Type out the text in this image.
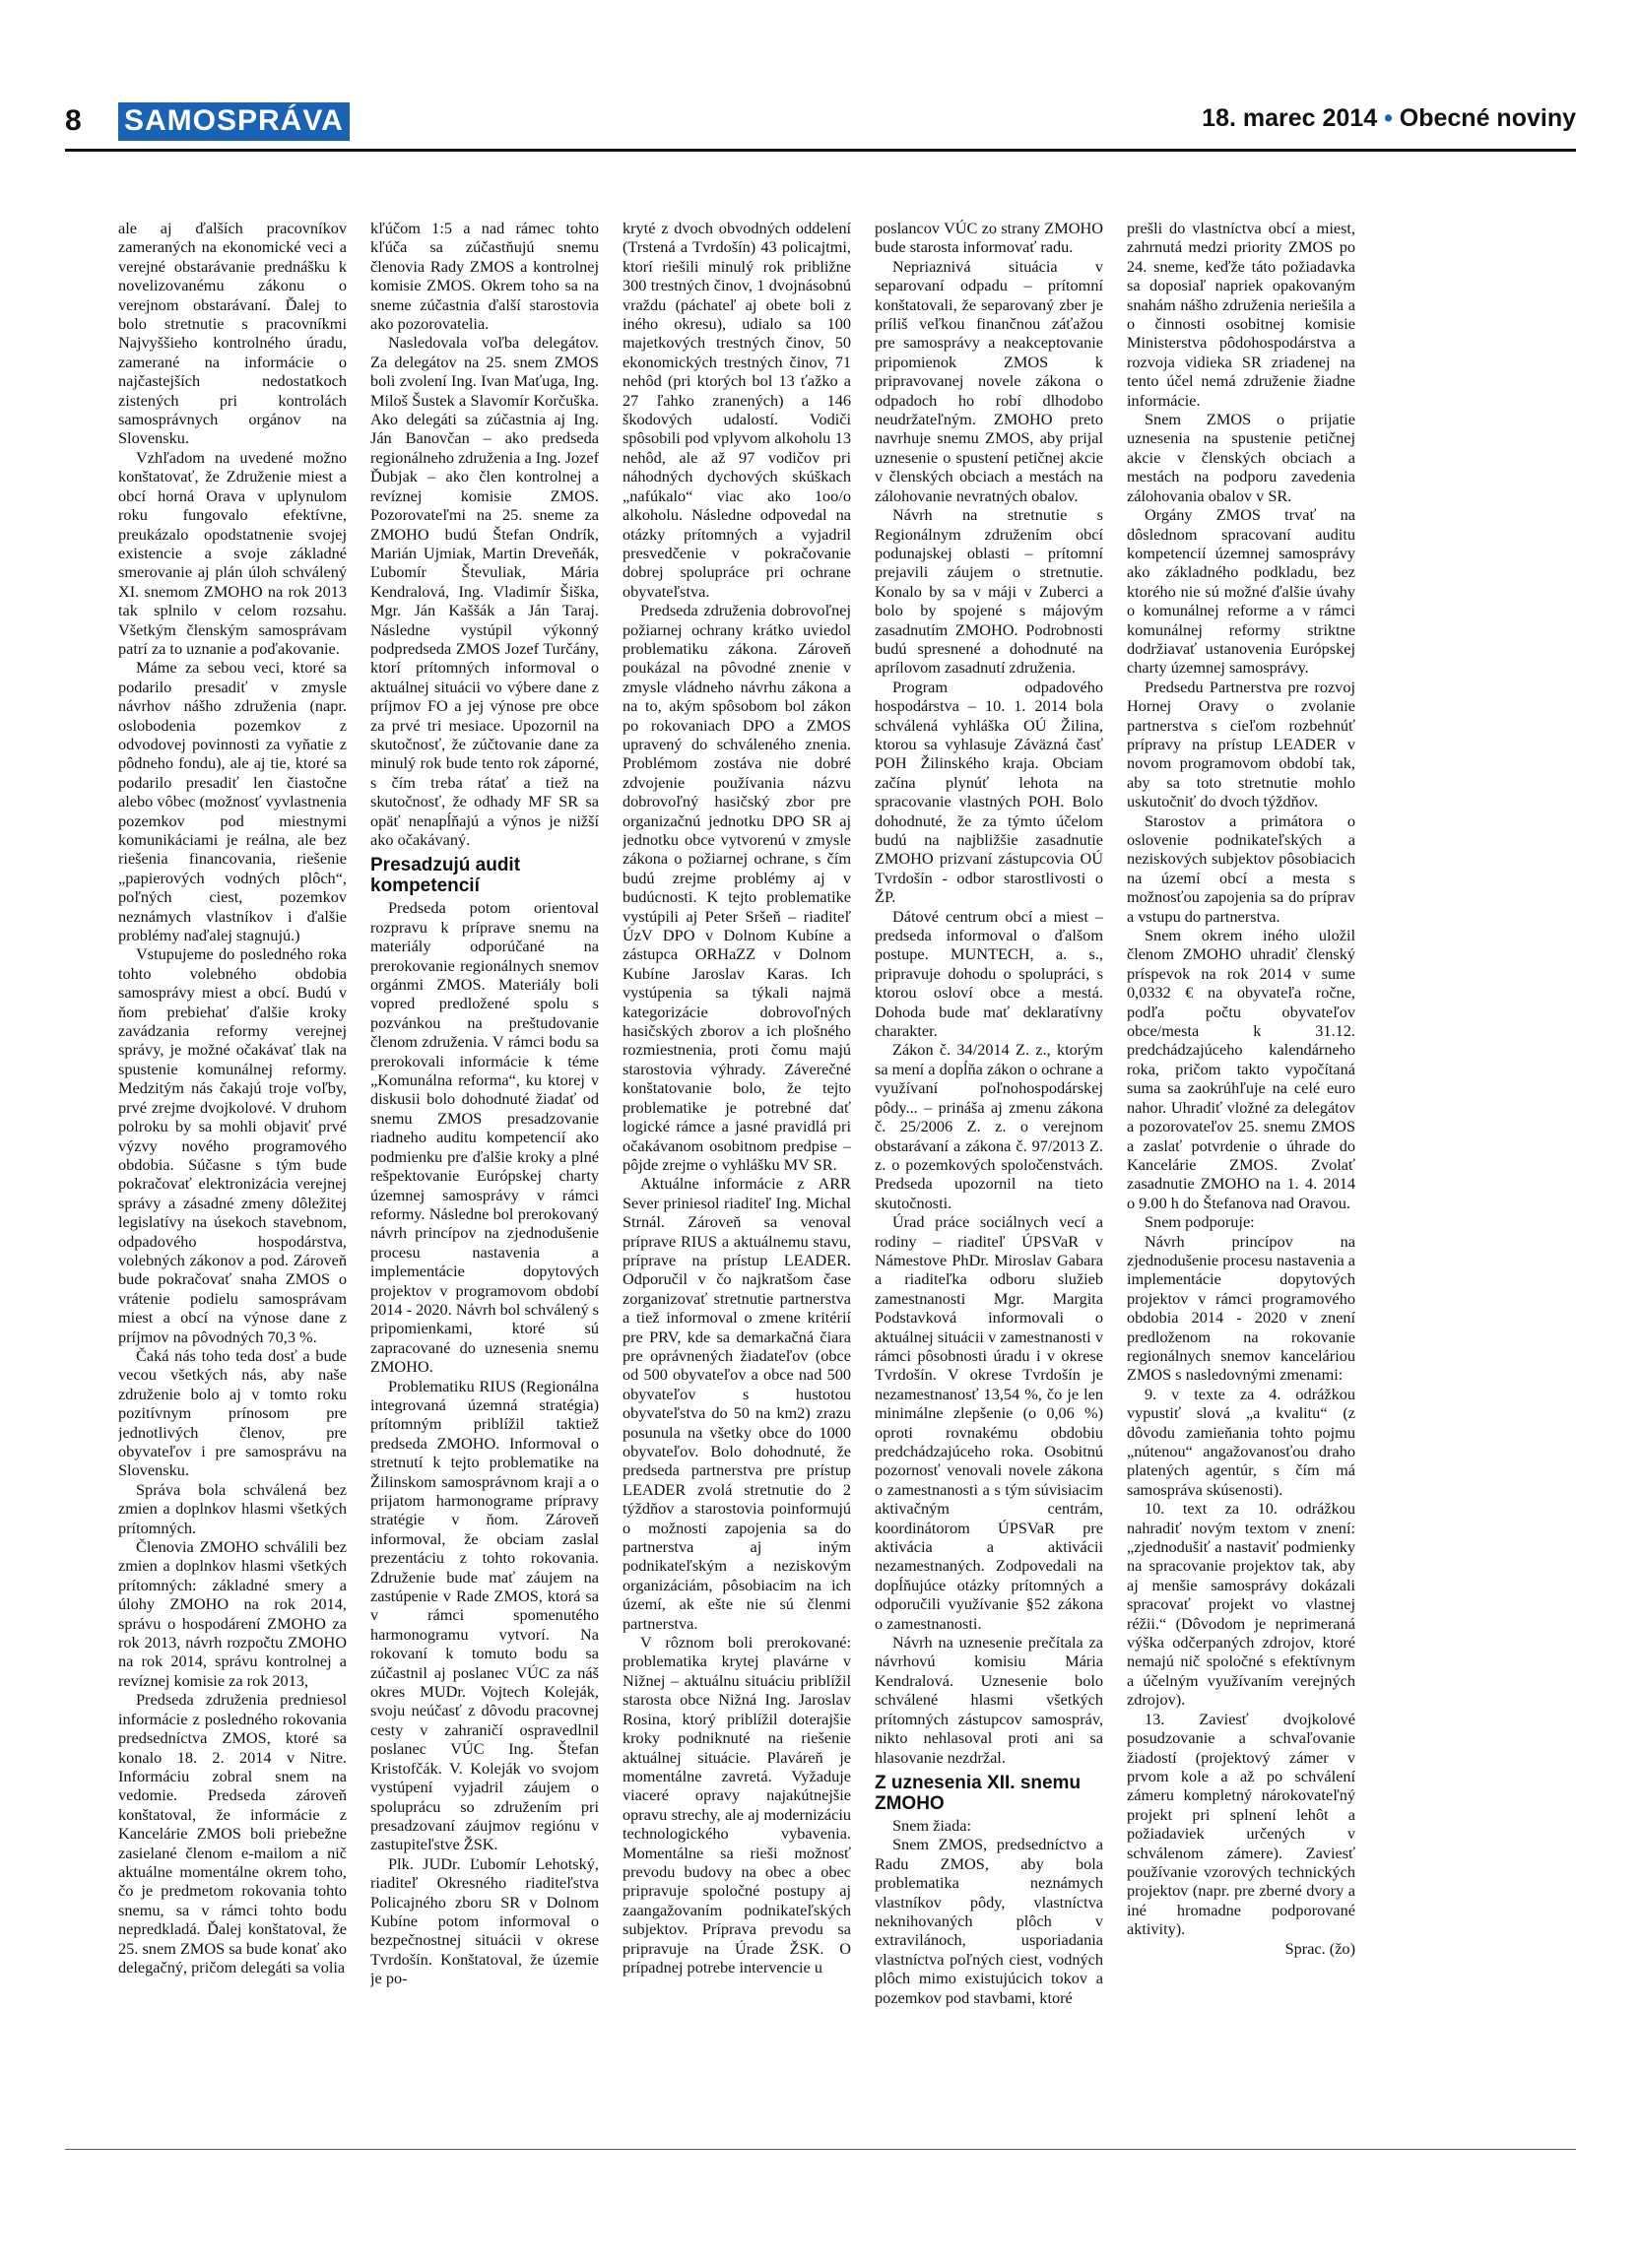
8 SAMOSPRÁVA	18. marec 2014 • Obecné noviny

ale aj ďalších pracovníkov zameraných na ekonomické veci a verejné obstarávanie prednášku k novelizovanému zákonu o verejnom obstarávaní. Ďalej to bolo stretnutie s pracovníkmi Najvyššieho kontrolného úradu, zamerané na informácie o najčastejších nedostatkoch zistených pri kontrolách samosprávnych orgánov na Slovensku.

Vzhľadom na uvedené možno konštatovať, že Združenie miest a obcí horná Orava v uplynulom roku fungovalo efektívne, preukázalo opodstatnenie svojej existencie a svoje základné smerovanie aj plán úloh schválený XI. snemom ZMOHO na rok 2013 tak splnilo v celom rozsahu. Všetkým členským samosprávam patrí za to uznanie a poďakovanie.

Máme za sebou veci, ktoré sa podarilo presadiť v zmysle návrhov nášho združenia (napr. oslobodenia pozemkov z odvodovej povinnosti za vyňatie z pôdneho fondu), ale aj tie, ktoré sa podarilo presadiť len čiastočne alebo vôbec (možnosť vyvlastnenia pozemkov pod miestnymi komunikáciami je reálna, ale bez riešenia financovania, riešenie „papierových vodných plôch“, poľných ciest, pozemkov neznámych vlastníkov i ďalšie problémy naďalej stagnujú.)

Vstupujeme do posledného roka tohto volebného obdobia samosprávy miest a obcí. Budú v ňom prebiehať ďalšie kroky zavádzania reformy verejnej správy, je možné očakávať tlak na spustenie komunálnej reformy. Medzitým nás čakajú troje voľby, prvé zrejme dvojkolové. V druhom polroku by sa mohli objaviť prvé výzvy nového programového obdobia. Súčasne s tým bude pokračovať elektronizácia verejnej správy a zásadné zmeny dôležitej legislatívy na úsekoch stavebnom, odpadového hospodárstva, volebných zákonov a pod. Zároveň bude pokračovať snaha ZMOS o vrátenie podielu samosprávam miest a obcí na výnose dane z príjmov na pôvodných 70,3 %.

Čaká nás toho teda dosť a bude vecou všetkých nás, aby naše združenie bolo aj v tomto roku pozitívnym prínosom pre jednotlivých členov, pre obyvateľov i pre samosprávu na Slovensku.

Správa bola schválená bez zmien a doplnkov hlasmi všetkých prítomných.

Členovia ZMOHO schválili bez zmien a doplnkov hlasmi všetkých prítomných: základné smery a úlohy ZMOHO na rok 2014, správu o hospodárení ZMOHO za rok 2013, návrh rozpočtu ZMOHO na rok 2014, správu kontrolnej a revíznej komisie za rok 2013,

Predseda združenia predniesol informácie z posledného rokovania predsedníctva ZMOS, ktoré sa konalo 18. 2. 2014 v Nitre. Informáciu zobral snem na vedomie. Predseda zároveň konštatoval, že informácie z Kancelárie ZMOS boli priebežne zasielané členom e-mailom a nič aktuálne momentálne okrem toho, čo je predmetom rokovania tohto snemu, sa v rámci tohto bodu nepredkladá. Ďalej konštatoval, že 25. snem ZMOS sa bude konať ako delegačný, pričom delegáti sa volia

kľúčom 1:5 a nad rámec tohto kľúča sa zúčastňujú snemu členovia Rady ZMOS a kontrolnej komisie ZMOS. Okrem toho sa na sneme zúčastnia ďalší starostovia ako pozorovatelia.

Nasledovala voľba delegátov. Za delegátov na 25. snem ZMOS boli zvolení Ing. Ivan Maťuga, Ing. Miloš Šustek a Slavomír Korčuška. Ako delegáti sa zúčastnia aj Ing. Ján Banovčan – ako predseda regionálneho združenia a Ing. Jozef Ďubjak – ako člen kontrolnej a revíznej komisie ZMOS. Pozorovateľmi na 25. sneme za ZMOHO budú Štefan Ondrík, Marián Ujmiak, Martin Dreveňák, Ľubomír Števuliak, Mária Kendralová, Ing. Vladimír Šiška, Mgr. Ján Kaššák a Ján Taraj. Následne vystúpil výkonný podpredseda ZMOS Jozef Turčány, ktorí prítomných informoval o aktuálnej situácii vo výbere dane z príjmov FO a jej výnose pre obce za prvé tri mesiace. Upozornil na skutočnosť, že zúčtovanie dane za minulý rok bude tento rok záporné, s čím treba rátať a tiež na skutočnosť, že odhady MF SR sa opäť nenapĺňajú a výnos je nižší ako očakávaný.

Presadzujú audit kompetencií

Predseda potom orientoval rozpravu k príprave snemu na materiály odporúčané na prerokovanie regionálnych snemov orgánmi ZMOS. Materiály boli vopred predložené spolu s pozvánkou na preštudovanie členom združenia. V rámci bodu sa prerokovali informácie k téme „Komunálna reforma“, ku ktorej v diskusii bolo dohodnuté žiadať od snemu ZMOS presadzovanie riadneho auditu kompetencií ako podmienku pre ďalšie kroky a plné rešpektovanie Európskej charty územnej samosprávy v rámci reformy. Následne bol prerokovaný návrh princípov na zjednodušenie procesu nastavenia a implementácie dopytových projektov v programovom období 2014 - 2020. Návrh bol schválený s pripomienkami, ktoré sú zapracované do uznesenia snemu ZMOHO.

Problematiku RIUS (Regionálna integrovaná územná stratégia) prítomným priblížil taktiež predseda ZMOHO. Informoval o stretnutí k tejto problematike na Žilinskom samosprávnom kraji a o prijatom harmonograme prípravy stratégie v ňom. Zároveň informoval, že obciam zaslal prezentáciu z tohto rokovania. Združenie bude mať záujem na zastúpenie v Rade ZMOS, ktorá sa v rámci spomenutého harmonogramu vytvorí. Na rokovaní k tomuto bodu sa zúčastnil aj poslanec VÚC za náš okres MUDr. Vojtech Koleják, svoju neúčasť z dôvodu pracovnej cesty v zahraničí ospravedlnil poslanec VÚC Ing. Štefan Kristofčák. V. Koleják vo svojom vystúpení vyjadril záujem o spoluprácu so združením pri presadzovaní záujmov regiónu v zastupiteľstve ŽSK.

Plk. JUDr. Ľubomír Lehotský, riaditeľ Okresného riaditeľstva Policajného zboru SR v Dolnom Kubíne potom informoval o bezpečnostnej situácii v okrese Tvrdošín. Konštatoval, že územie je po-

kryté z dvoch obvodných oddelení (Trstená a Tvrdošín) 43 policajtmi, ktorí riešili minulý rok približne 300 trestných činov, 1 dvojnásobnú vraždu (páchateľ aj obete boli z iného okresu), udialo sa 100 majetkových trestných činov, 50 ekonomických trestných činov, 71 nehôd (pri ktorých bol 13 ťažko a 27 ľahko zranených) a 146 škodových udalostí. Vodiči spôsobili pod vplyvom alkoholu 13 nehôd, ale až 97 vodičov pri náhodných dychových skúškach „nafúkalo“ viac ako 1oo/o alkoholu. Následne odpovedal na otázky prítomných a vyjadril presvedčenie v pokračovanie dobrej spolupráce pri ochrane obyvateľstva.

Predseda združenia dobrovoľnej požiarnej ochrany krátko uviedol problematiku zákona. Zároveň poukázal na pôvodné znenie v zmysle vládneho návrhu zákona a na to, akým spôsobom bol zákon po rokovaniach DPO a ZMOS upravený do schváleného znenia. Problémom zostáva nie dobré zdvojenie používania názvu dobrovoľný hasičský zbor pre organizačnú jednotku DPO SR aj jednotku obce vytvorenú v zmysle zákona o požiarnej ochrane, s čím budú zrejme problémy aj v budúcnosti. K tejto problematike vystúpili aj Peter Sršeň – riaditeľ ÚzV DPO v Dolnom Kubíne a zástupca ORHaZZ v Dolnom Kubíne Jaroslav Karas. Ich vystúpenia sa týkali najmä kategorizácie dobrovoľných hasičských zborov a ich plošného rozmiestnenia, proti čomu majú starostovia výhrady. Záverečné konštatovanie bolo, že tejto problematike je potrebné dať logické rámce a jasné pravidlá pri očakávanom osobitnom predpise – pôjde zrejme o vyhlášku MV SR.

Aktuálne informácie z ARR Sever priniesol riaditeľ Ing. Michal Strnál. Zároveň sa venoval príprave RIUS a aktuálnemu stavu, príprave na prístup LEADER. Odporučil v čo najkratšom čase zorganizovať stretnutie partnerstva a tiež informoval o zmene kritérií pre PRV, kde sa demarkačná čiara pre oprávnených žiadateľov (obce od 500 obyvateľov a obce nad 500 obyvateľov s hustotou obyvateľstva do 50 na km2) zrazu posunula na všetky obce do 1000 obyvateľov. Bolo dohodnuté, že predseda partnerstva pre prístup LEADER zvolá stretnutie do 2 týždňov a starostovia poinformujú o možnosti zapojenia sa do partnerstva aj iným podnikateľským a neziskovým organizáciám, pôsobiacim na ich území, ak ešte nie sú členmi partnerstva.

V rôznom boli prerokované: problematika krytej plavárne v Nižnej – aktuálnu situáciu priblížil starosta obce Nižná Ing. Jaroslav Rosina, ktorý priblížil doterajšie kroky podniknuté na riešenie aktuálnej situácie. Plaváreň je momentálne zavretá. Vyžaduje viaceré opravy najakútnejšie opravu strechy, ale aj modernizáciu technologického vybavenia. Momentálne sa rieši možnosť prevodu budovy na obec a obec pripravuje spoločné postupy aj zaangažovaním podnikateľských subjektov. Príprava prevodu sa pripravuje na Úrade ŽSK. O prípadnej potrebe intervencie u

poslancov VÚC zo strany ZMOHO bude starosta informovať radu.

Nepriaznivá situácia v separovaní odpadu – prítomní konštatovali, že separovaný zber je príliš veľkou finančnou záťažou pre samosprávy a neakceptovanie pripomienok ZMOS k pripravovanej novele zákona o odpadoch ho robí dlhodobo neudržateľným. ZMOHO preto navrhuje snemu ZMOS, aby prijal uznesenie o spustení petičnej akcie v členských obciach a mestách na zálohovanie nevratných obalov.

Návrh na stretnutie s Regionálnym združením obcí podunajskej oblasti – prítomní prejavili záujem o stretnutie. Konalo by sa v máji v Zuberci a bolo by spojené s májovým zasadnutím ZMOHO. Podrobnosti budú spresnené a dohodnuté na aprílovom zasadnutí združenia.

Program odpadového hospodárstva – 10. 1. 2014 bola schválená vyhláška OÚ Žilina, ktorou sa vyhlasuje Záväzná časť POH Žilinského kraja. Obciam začína plynúť lehota na spracovanie vlastných POH. Bolo dohodnuté, že za týmto účelom budú na najbližšie zasadnutie ZMOHO prizvaní zástupcovia OÚ Tvrdošín - odbor starostlivosti o ŽP.

Dátové centrum obcí a miest – predseda informoval o ďalšom postupe. MUNTECH, a. s., pripravuje dohodu o spolupráci, s ktorou osloví obce a mestá. Dohoda bude mať deklaratívny charakter.

Zákon č. 34/2014 Z. z., ktorým sa mení a dopĺňa zákon o ochrane a využívaní poľnohospodárskej pôdy... – prináša aj zmenu zákona č. 25/2006 Z. z. o verejnom obstarávaní a zákona č. 97/2013 Z. z. o pozemkových spoločenstvách. Predseda upozornil na tieto skutočnosti.

Úrad práce sociálnych vecí a rodiny – riaditeľ ÚPSVaR v Námestove PhDr. Miroslav Gabara a riaditeľka odboru služieb zamestnanosti Mgr. Margita Podstavková informovali o aktuálnej situácii v zamestnanosti v rámci pôsobnosti úradu i v okrese Tvrdošín. V okrese Tvrdošín je nezamestnanosť 13,54 %, čo je len minimálne zlepšenie (o 0,06 %) oproti rovnakému obdobiu predchádzajúceho roka. Osobitnú pozornosť venovali novele zákona o zamestnanosti a s tým súvisiacim aktivačným centrám, koordinátorom ÚPSVaR pre aktivácia a aktivácii nezamestnaných. Zodpovedali na dopĺňujúce otázky prítomných a odporučili využívanie §52 zákona o zamestnanosti.

Návrh na uznesenie prečítala za návrhovú komisiu Mária Kendralová. Uznesenie bolo schválené hlasmi všetkých prítomných zástupcov samospráv, nikto nehlasoval proti ani sa hlasovanie nezdržal.

Z uznesenia XII. snemu ZMOHO

Snem žiada:

Snem ZMOS, predsedníctvo a Radu ZMOS, aby bola problematika neznámych vlastníkov pôdy, vlastníctva neknihovaných plôch v extravilánoch, usporiadania vlastníctva poľných ciest, vodných plôch mimo existujúcich tokov a pozemkov pod stavbami, ktoré

prešli do vlastníctva obcí a miest, zahrnutá medzi priority ZMOS po 24. sneme, keďže táto požiadavka sa doposiaľ napriek opakovaným snahám nášho združenia neriešila a o činnosti osobitnej komisie Ministerstva pôdohospodárstva a rozvoja vidieka SR zriadenej na tento účel nemá združenie žiadne informácie.

Snem ZMOS o prijatie uznesenia na spustenie petičnej akcie v členských obciach a mestách na podporu zavedenia zálohovania obalov v SR.

Orgány ZMOS trvať na dôslednom spracovaní auditu kompetencií územnej samosprávy ako základného podkladu, bez ktorého nie sú možné ďalšie úvahy o komunálnej reforme a v rámci komunálnej reformy striktne dodržiavať ustanovenia Európskej charty územnej samosprávy.

Predsedu Partnerstva pre rozvoj Hornej Oravy o zvolanie partnerstva s cieľom rozbehnúť prípravy na prístup LEADER v novom programovom období tak, aby sa toto stretnutie mohlo uskutočniť do dvoch týždňov.

Starostov a primátora o oslovenie podnikateľských a neziskových subjektov pôsobiacich na území obcí a mesta s možnosťou zapojenia sa do príprav a vstupu do partnerstva.

Snem okrem iného uložil členom ZMOHO uhradiť členský príspevok na rok 2014 v sume 0,0332 € na obyvateľa ročne, podľa počtu obyvateľov obce/mesta k 31.12. predchádzajúceho kalendárneho roka, pričom takto vypočítaná suma sa zaokrúhľuje na celé euro nahor. Uhradiť vložné za delegátov a pozorovateľov 25. snemu ZMOS a zaslať potvrdenie o úhrade do Kancelárie ZMOS. Zvolať zasadnutie ZMOHO na 1. 4. 2014 o 9.00 h do Štefanova nad Oravou.

Snem podporuje:

Návrh princípov na zjednodušenie procesu nastavenia a implementácie dopytových projektov v rámci programového obdobia 2014 - 2020 v znení predloženom na rokovanie regionálnych snemov kanceláriou ZMOS s nasledovnými zmenami:

9. v texte za 4. odrážkou vypustiť slová „a kvalitu“ (z dôvodu zamieňania tohto pojmu „nútenou“ angažovanosťou draho platených agentúr, s čím má samospráva skúsenosti).

10. text za 10. odrážkou nahradiť novým textom v znení: „zjednodušiť a nastaviť podmienky na spracovanie projektov tak, aby aj menšie samosprávy dokázali spracovať projekt vo vlastnej réžii.“ (Dôvodom je neprimeraná výška odčerpaných zdrojov, ktoré nemajú nič spoločné s efektívnym a účelným využívaním verejných zdrojov).

13. Zaviesť dvojkolové posudzovanie a schvaľovanie žiadostí (projektový zámer v prvom kole a až po schválení zámeru kompletný nárokovateľný projekt pri splnení lehôt a požiadaviek určených v schválenom zámere). Zaviesť používanie vzorových technických projektov (napr. pre zberné dvory a iné hromadne podporované aktivity).

Sprac. (žo)
